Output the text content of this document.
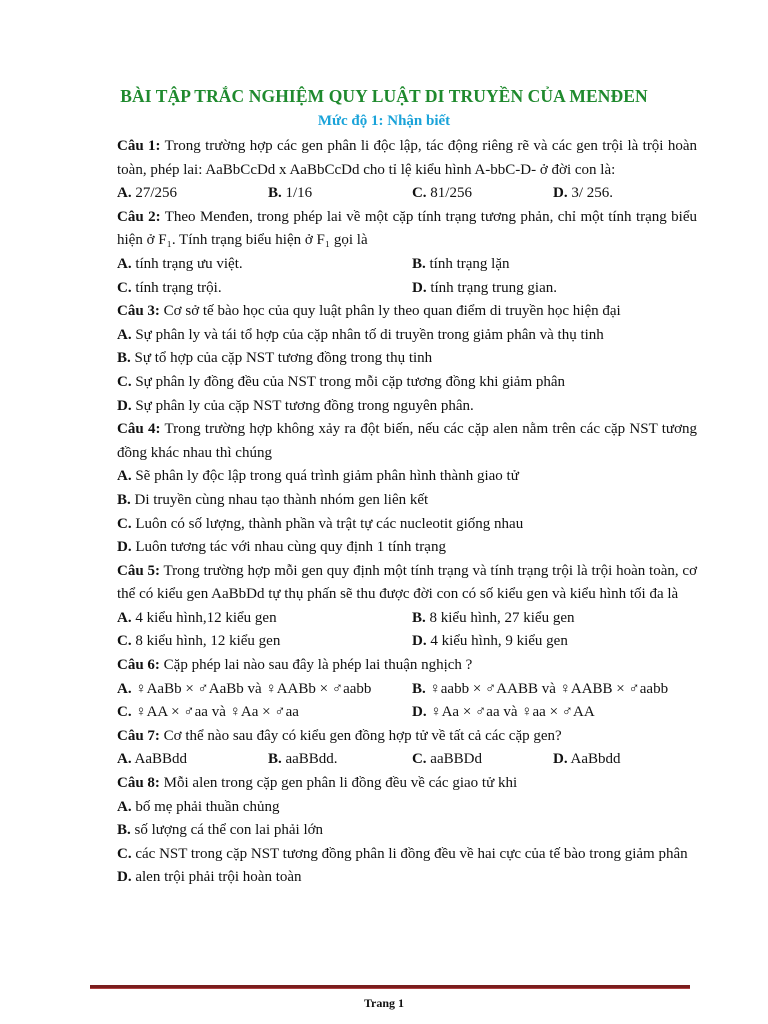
BÀI TẬP TRẮC NGHIỆM QUY LUẬT DI TRUYỀN CỦA MENĐEN
Mức độ 1: Nhận biết
Câu 1: Trong trường hợp các gen phân li độc lập, tác động riêng rẽ và các gen trội là trội hoàn toàn, phép lai: AaBbCcDd x AaBbCcDd cho tỉ lệ kiểu hình A-bbC-D- ở đời con là:
A. 27/256	B. 1/16	C. 81/256	D. 3/ 256.
Câu 2: Theo Menđen, trong phép lai về một cặp tính trạng tương phản, chỉ một tính trạng biểu hiện ở F₁. Tính trạng biểu hiện ở F₁ gọi là
A. tính trạng ưu việt.	B. tính trạng lặn
C. tính trạng trội.	D. tính trạng trung gian.
Câu 3: Cơ sở tế bào học của quy luật phân ly theo quan điểm di truyền học hiện đại
A. Sự phân ly và tái tổ hợp của cặp nhân tố di truyền trong giảm phân và thụ tinh
B. Sự tổ hợp của cặp NST tương đồng trong thụ tinh
C. Sự phân ly đồng đều của NST trong mỗi cặp tương đồng khi giảm phân
D. Sự phân ly của cặp NST tương đồng trong nguyên phân.
Câu 4: Trong trường hợp không xảy ra đột biến, nếu các cặp alen nằm trên các cặp NST tương đồng khác nhau thì chúng
A. Sẽ phân ly độc lập trong quá trình giảm phân hình thành giao tử
B. Di truyền cùng nhau tạo thành nhóm gen liên kết
C. Luôn có số lượng, thành phần và trật tự các nucleotit giống nhau
D. Luôn tương tác với nhau cùng quy định 1 tính trạng
Câu 5: Trong trường hợp mỗi gen quy định một tính trạng và tính trạng trội là trội hoàn toàn, cơ thể có kiểu gen AaBbDd tự thụ phấn sẽ thu được đời con có số kiểu gen và kiểu hình tối đa là
A. 4 kiểu hình,12 kiểu gen	B. 8 kiểu hình, 27 kiểu gen
C. 8 kiểu hình, 12 kiểu gen	D. 4 kiểu hình, 9 kiểu gen
Câu 6: Cặp phép lai nào sau đây là phép lai thuận nghịch ?
A. ♀AaBb × ♂AaBb và ♀AABb × ♂aabb	B. ♀aabb × ♂AABB và ♀AABB × ♂aabb
C. ♀AA × ♂aa và ♀Aa × ♂aa	D. ♀Aa × ♂aa và ♀aa × ♂AA
Câu 7: Cơ thể nào sau đây có kiểu gen đồng hợp tử về tất cả các cặp gen?
A. AaBBdd	B. aaBBdd.	C. aaBBDd	D. AaBbdd
Câu 8: Mỗi alen trong cặp gen phân li đồng đều về các giao tử khi
A. bố mẹ phải thuần chủng
B. số lượng cá thể con lai phải lớn
C. các NST trong cặp NST tương đồng phân li đồng đều về hai cực của tế bào trong giảm phân
D. alen trội phải trội hoàn toàn
Trang 1
